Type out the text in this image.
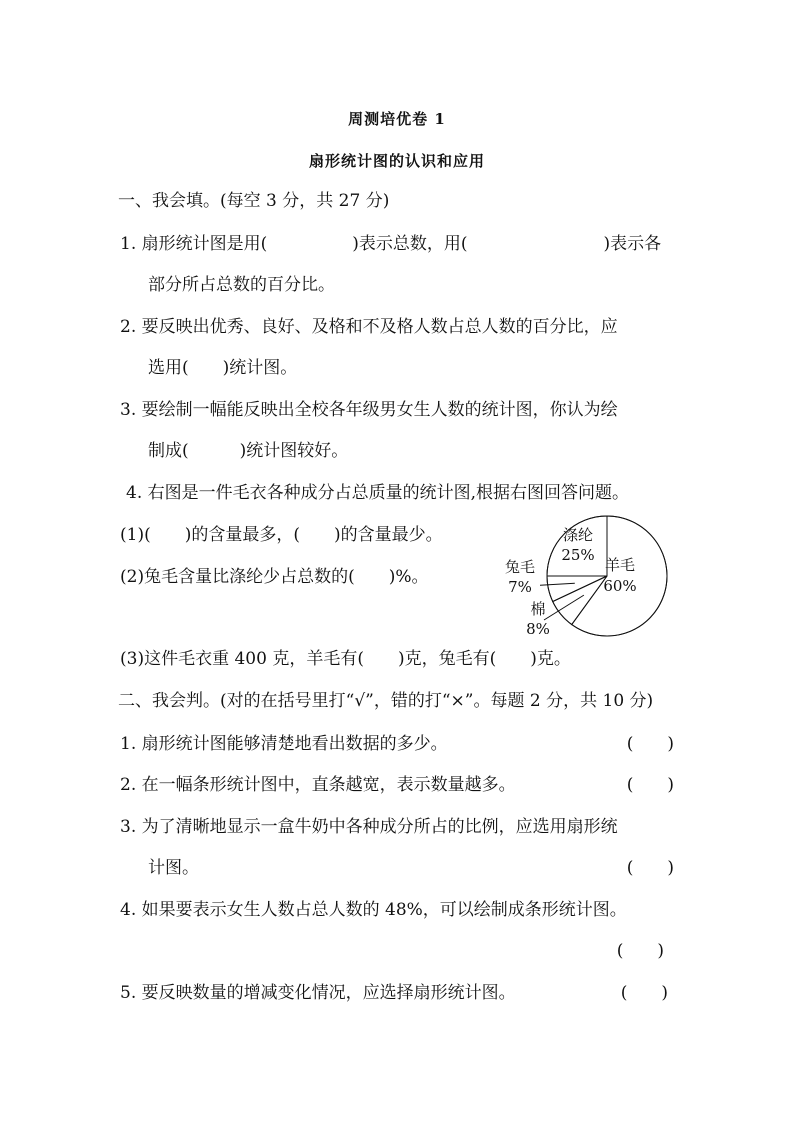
周测培优卷 1
扇形统计图的认识和应用
一、我会填。(每空 3 分，共 27 分)
1. 扇形统计图是用(　　　　　)表示总数，用(　　　　　　　　)表示各
部分所占总数的百分比。
2. 要反映出优秀、良好、及格和不及格人数占总人数的百分比，应
选用(　　)统计图。
3. 要绘制一幅能反映出全校各年级男女生人数的统计图，你认为绘
制成(　　　)统计图较好。
4. 右图是一件毛衣各种成分占总质量的统计图,根据右图回答问题。
(1)(　　)的含量最多，(　　)的含量最少。
(2)兔毛含量比涤纶少占总数的(　　)%。
羊毛
60%
涤纶
25%
兔毛
7%
棉
8%
(3)这件毛衣重 400 克，羊毛有(　　)克，兔毛有(　　)克。
二、我会判。(对的在括号里打“√”，错的打“×”。每题 2 分，共 10 分)
1. 扇形统计图能够清楚地看出数据的多少。	(　　)
2. 在一幅条形统计图中，直条越宽，表示数量越多。	(　　)
3. 为了清晰地显示一盒牛奶中各种成分所占的比例，应选用扇形统
计图。	(　　)
4. 如果要表示女生人数占总人数的 48%，可以绘制成条形统计图。
(　　)
5. 要反映数量的增减变化情况，应选择扇形统计图。	(　　)
